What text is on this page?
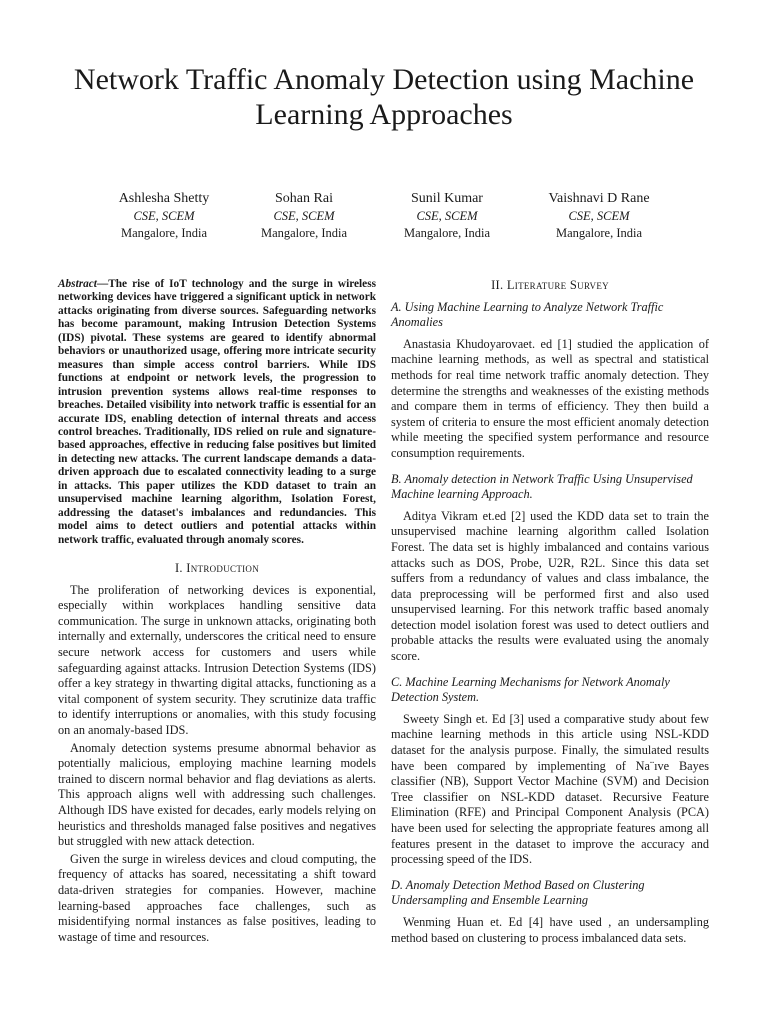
Network Traffic Anomaly Detection using Machine Learning Approaches
Ashlesha Shetty
CSE, SCEM
Mangalore, India
Sohan Rai
CSE, SCEM
Mangalore, India
Sunil Kumar
CSE, SCEM
Mangalore, India
Vaishnavi D Rane
CSE, SCEM
Mangalore, India

Abstract—The rise of IoT technology and the surge in wireless networking devices have triggered a significant uptick in network attacks originating from diverse sources. Safeguarding networks has become paramount, making Intrusion Detection Systems (IDS) pivotal. These systems are geared to identify abnormal behaviors or unauthorized usage, offering more intricate security measures than simple access control barriers. While IDS functions at endpoint or network levels, the progression to intrusion prevention systems allows real-time responses to breaches. Detailed visibility into network traffic is essential for an accurate IDS, enabling detection of internal threats and access control breaches. Traditionally, IDS relied on rule and signature-based approaches, effective in reducing false positives but limited in detecting new attacks. The current landscape demands a data-driven approach due to escalated connectivity leading to a surge in attacks. This paper utilizes the KDD dataset to train an unsupervised machine learning algorithm, Isolation Forest, addressing the dataset's imbalances and redundancies. This model aims to detect outliers and potential attacks within network traffic, evaluated through anomaly scores.

I. Introduction

The proliferation of networking devices is exponential, especially within workplaces handling sensitive data communication. The surge in unknown attacks, originating both internally and externally, underscores the critical need to ensure secure network access for customers and users while safeguarding against attacks. Intrusion Detection Systems (IDS) offer a key strategy in thwarting digital attacks, functioning as a vital component of system security. They scrutinize data traffic to identify interruptions or anomalies, with this study focusing on an anomaly-based IDS.

Anomaly detection systems presume abnormal behavior as potentially malicious, employing machine learning models trained to discern normal behavior and flag deviations as alerts. This approach aligns well with addressing such challenges. Although IDS have existed for decades, early models relying on heuristics and thresholds managed false positives and negatives but struggled with new attack detection.

Given the surge in wireless devices and cloud computing, the frequency of attacks has soared, necessitating a shift toward data-driven strategies for companies. However, machine learning-based approaches face challenges, such as misidentifying normal instances as false positives, leading to wastage of time and resources.

II. Literature Survey
A. Using Machine Learning to Analyze Network Traffic Anomalies

Anastasia Khudoyarovaet. ed [1] studied the application of machine learning methods, as well as spectral and statistical methods for real time network traffic anomaly detection. They determine the strengths and weaknesses of the existing methods and compare them in terms of efficiency. They then build a system of criteria to ensure the most efficient anomaly detection while meeting the specified system performance and resource consumption requirements.

B. Anomaly detection in Network Traffic Using Unsupervised Machine learning Approach.

Aditya Vikram et.ed [2] used the KDD data set to train the unsupervised machine learning algorithm called Isolation Forest. The data set is highly imbalanced and contains various attacks such as DOS, Probe, U2R, R2L. Since this data set suffers from a redundancy of values and class imbalance, the data preprocessing will be performed first and also used unsupervised learning. For this network traffic based anomaly detection model isolation forest was used to detect outliers and probable attacks the results were evaluated using the anomaly score.

C. Machine Learning Mechanisms for Network Anomaly Detection System.

Sweety Singh et. Ed [3] used a comparative study about few machine learning methods in this article using NSL-KDD dataset for the analysis purpose. Finally, the simulated results have been compared by implementing of Na¨ıve Bayes classifier (NB), Support Vector Machine (SVM) and Decision Tree classifier on NSL-KDD dataset. Recursive Feature Elimination (RFE) and Principal Component Analysis (PCA) have been used for selecting the appropriate features among all features present in the dataset to improve the accuracy and processing speed of the IDS.

D. Anomaly Detection Method Based on Clustering Undersampling and Ensemble Learning

Wenming Huan et. Ed [4] have used , an undersampling method based on clustering to process imbalanced data sets.
